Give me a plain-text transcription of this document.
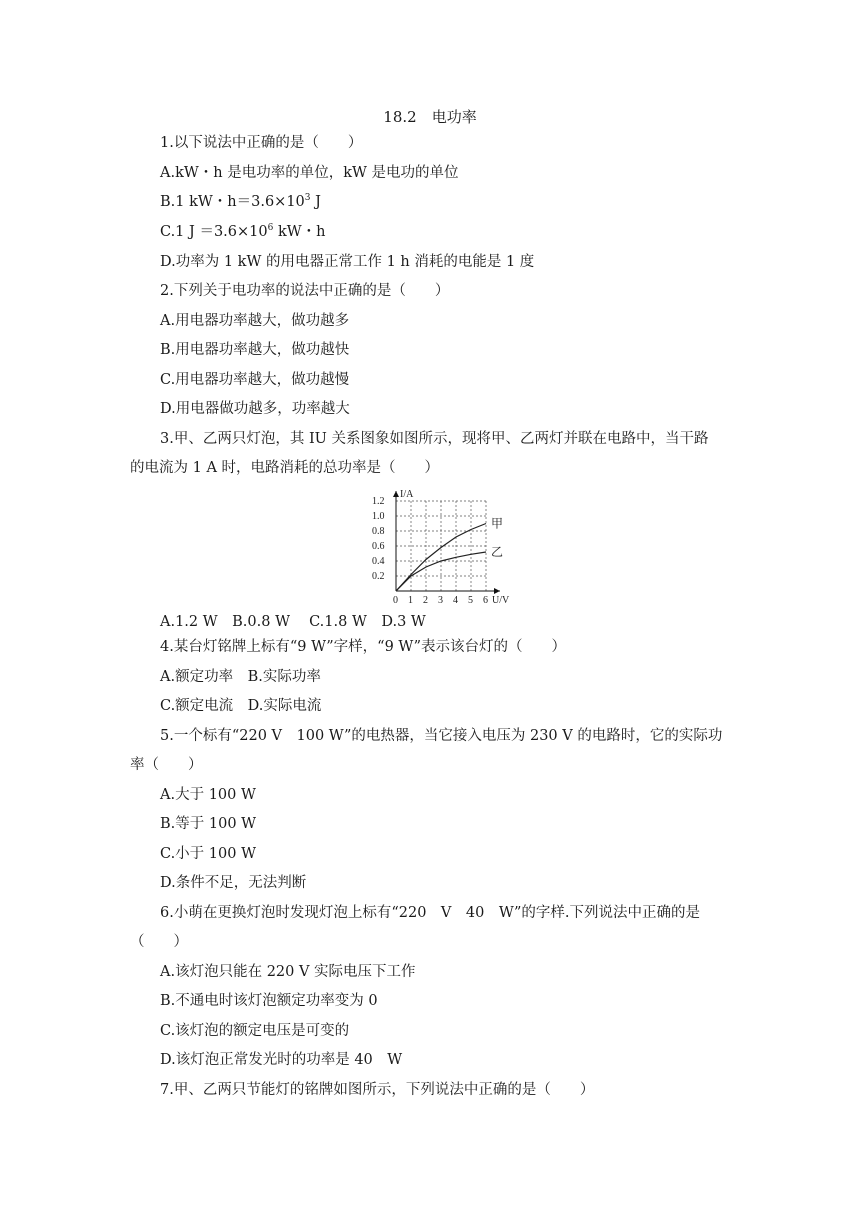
18.2　电功率
1.以下说法中正确的是（　　）
A.kW・h 是电功率的单位，kW 是电功的单位
B.1 kW・$h=3.6\times 10^3$ J
C.1 $J =3.6\times 10^6$ kW・h
D.功率为 1 kW 的用电器正常工作 1 h 消耗的电能是 1 度
2.下列关于电功率的说法中正确的是（　　）
A.用电器功率越大，做功越多
B.用电器功率越大，做功越快
C.用电器功率越大，做功越慢
D.用电器做功越多，功率越大
3.甲、乙两只灯泡，其 IU 关系图象如图所示，现将甲、乙两灯并联在电路中，当干路
的电流为 1 A 时，电路消耗的总功率是（　　）
甲
乙
0 1 2 3 4 5 6
0.2
0.4
0.6
0.8
1.0
1.2
I/A
U/V
A.1.2 W　B.0.8 W　 C.1.8 W　D.3 W
4.某台灯铭牌上标有“9 W”字样，“9 W”表示该台灯的（　　）
A.额定功率　B.实际功率
C.额定电流　D.实际电流
5.一个标有“220 V　100 W”的电热器，当它接入电压为 230 V 的电路时，它的实际功
率（　　）
A.大于 100 W
B.等于 100 W
C.小于 100 W
D.条件不足，无法判断
6.小萌在更换灯泡时发现灯泡上标有“220　V　40　W”的字样.下列说法中正确的是
（　　）
A.该灯泡只能在 220 V 实际电压下工作
B.不通电时该灯泡额定功率变为 0
C.该灯泡的额定电压是可变的
D.该灯泡正常发光时的功率是 40　W
7.甲、乙两只节能灯的铭牌如图所示，下列说法中正确的是（　　）
